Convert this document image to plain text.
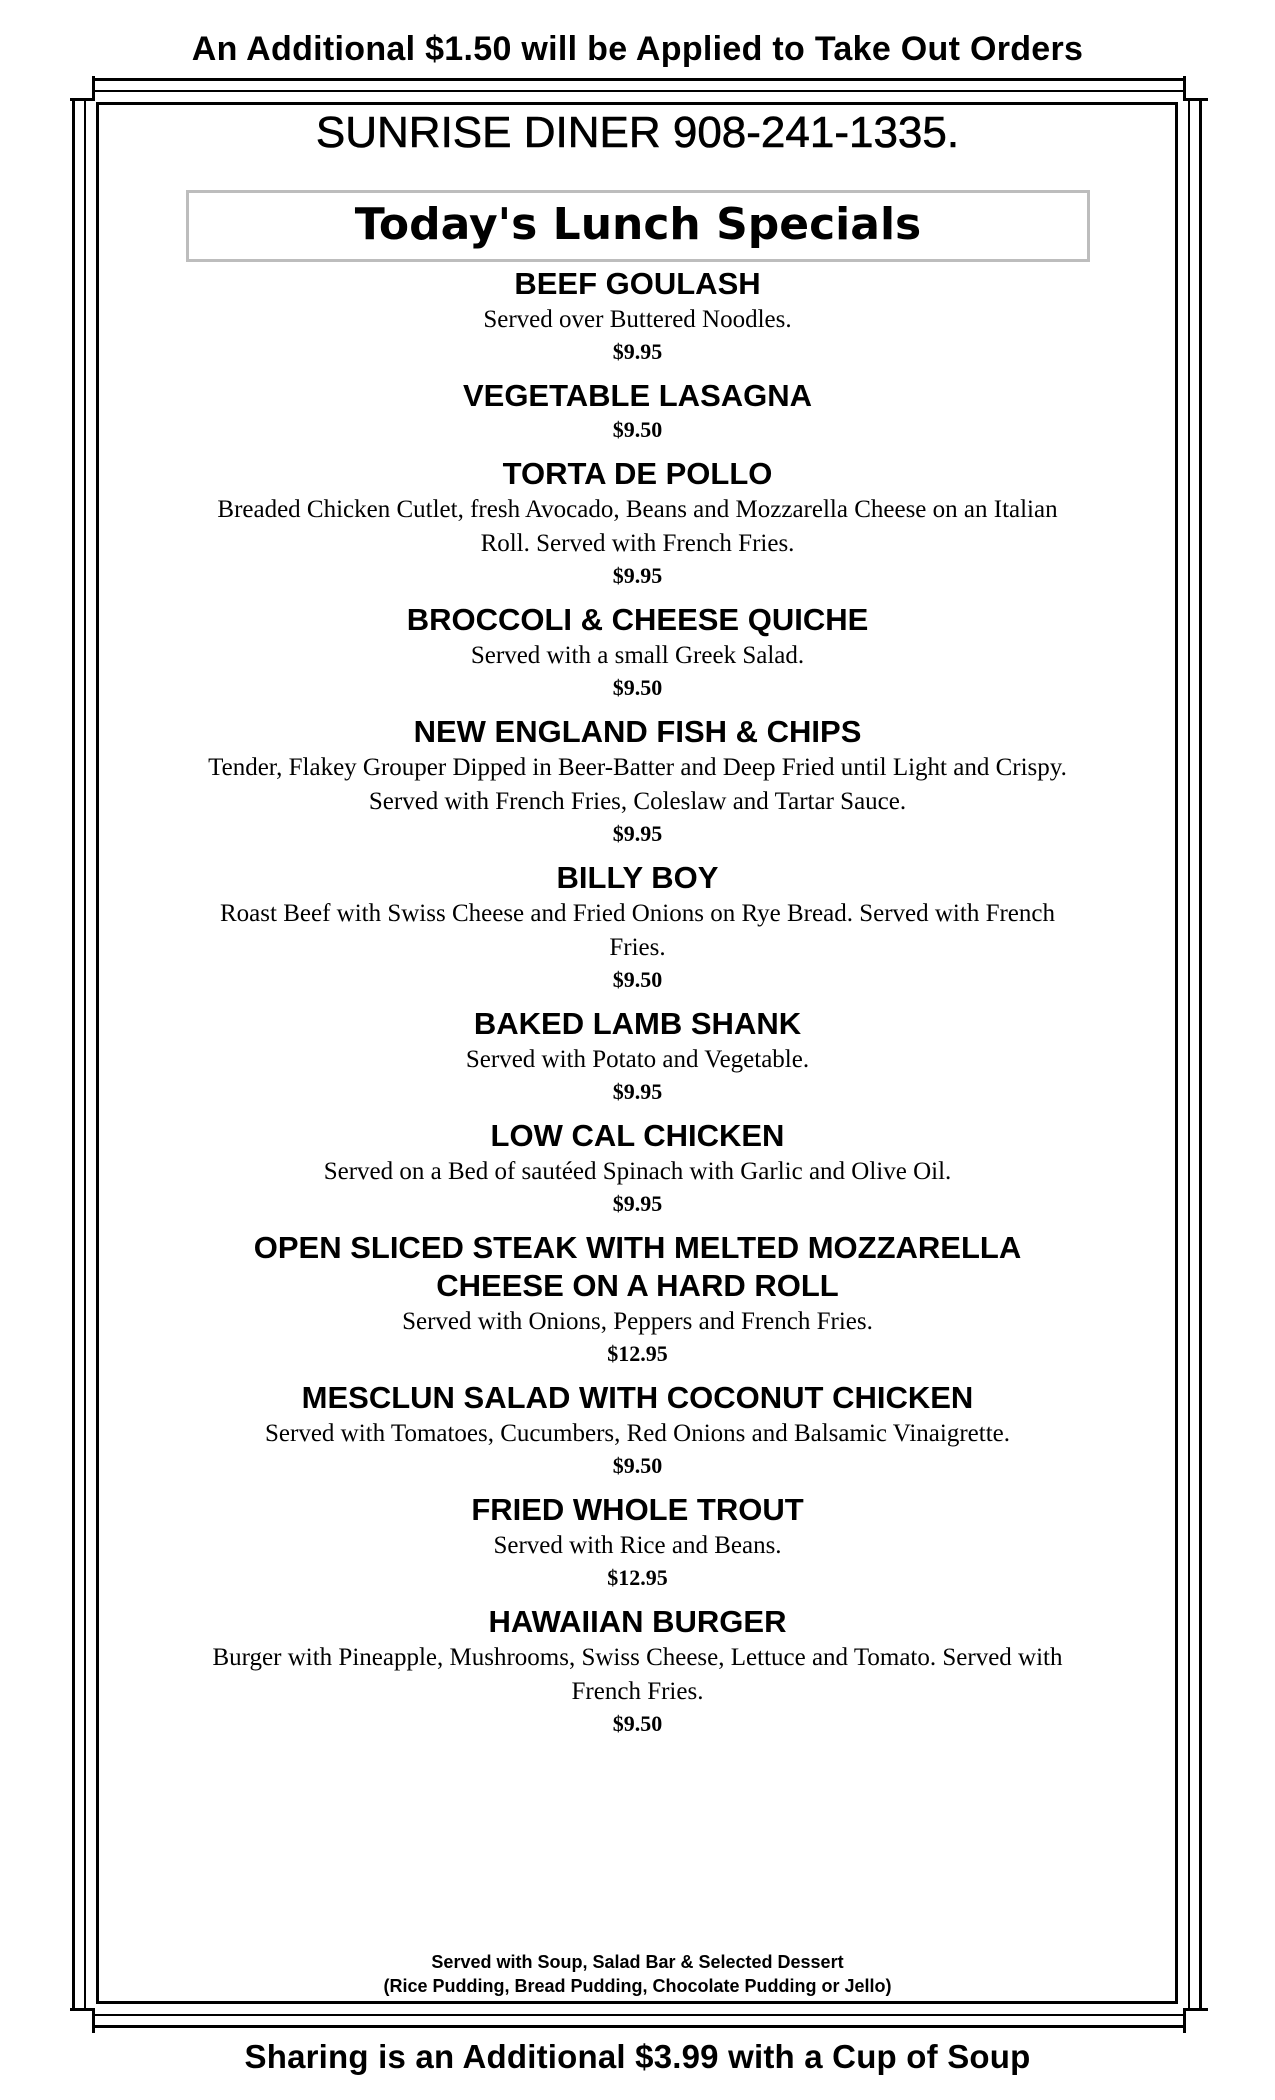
An Additional $1.50 will be Applied to Take Out Orders
SUNRISE DINER 908-241-1335.
Today's Lunch Specials
BEEF GOULASH
Served over Buttered Noodles.
$9.95
VEGETABLE LASAGNA
$9.50
TORTA DE POLLO
Breaded Chicken Cutlet, fresh Avocado, Beans and Mozzarella Cheese on an Italian Roll. Served with French Fries.
$9.95
BROCCOLI & CHEESE QUICHE
Served with a small Greek Salad.
$9.50
NEW ENGLAND FISH & CHIPS
Tender, Flakey Grouper Dipped in Beer-Batter and Deep Fried until Light and Crispy. Served with French Fries, Coleslaw and Tartar Sauce.
$9.95
BILLY BOY
Roast Beef with Swiss Cheese and Fried Onions on Rye Bread. Served with French Fries.
$9.50
BAKED LAMB SHANK
Served with Potato and Vegetable.
$9.95
LOW CAL CHICKEN
Served on a Bed of sautéed Spinach with Garlic and Olive Oil.
$9.95
OPEN SLICED STEAK WITH MELTED MOZZARELLA CHEESE ON A HARD ROLL
Served with Onions, Peppers and French Fries.
$12.95
MESCLUN SALAD WITH COCONUT CHICKEN
Served with Tomatoes, Cucumbers, Red Onions and Balsamic Vinaigrette.
$9.50
FRIED WHOLE TROUT
Served with Rice and Beans.
$12.95
HAWAIIAN BURGER
Burger with Pineapple, Mushrooms, Swiss Cheese, Lettuce and Tomato. Served with French Fries.
$9.50
Served with Soup, Salad Bar & Selected Dessert
(Rice Pudding, Bread Pudding, Chocolate Pudding or Jello)
Sharing is an Additional $3.99 with a Cup of Soup
